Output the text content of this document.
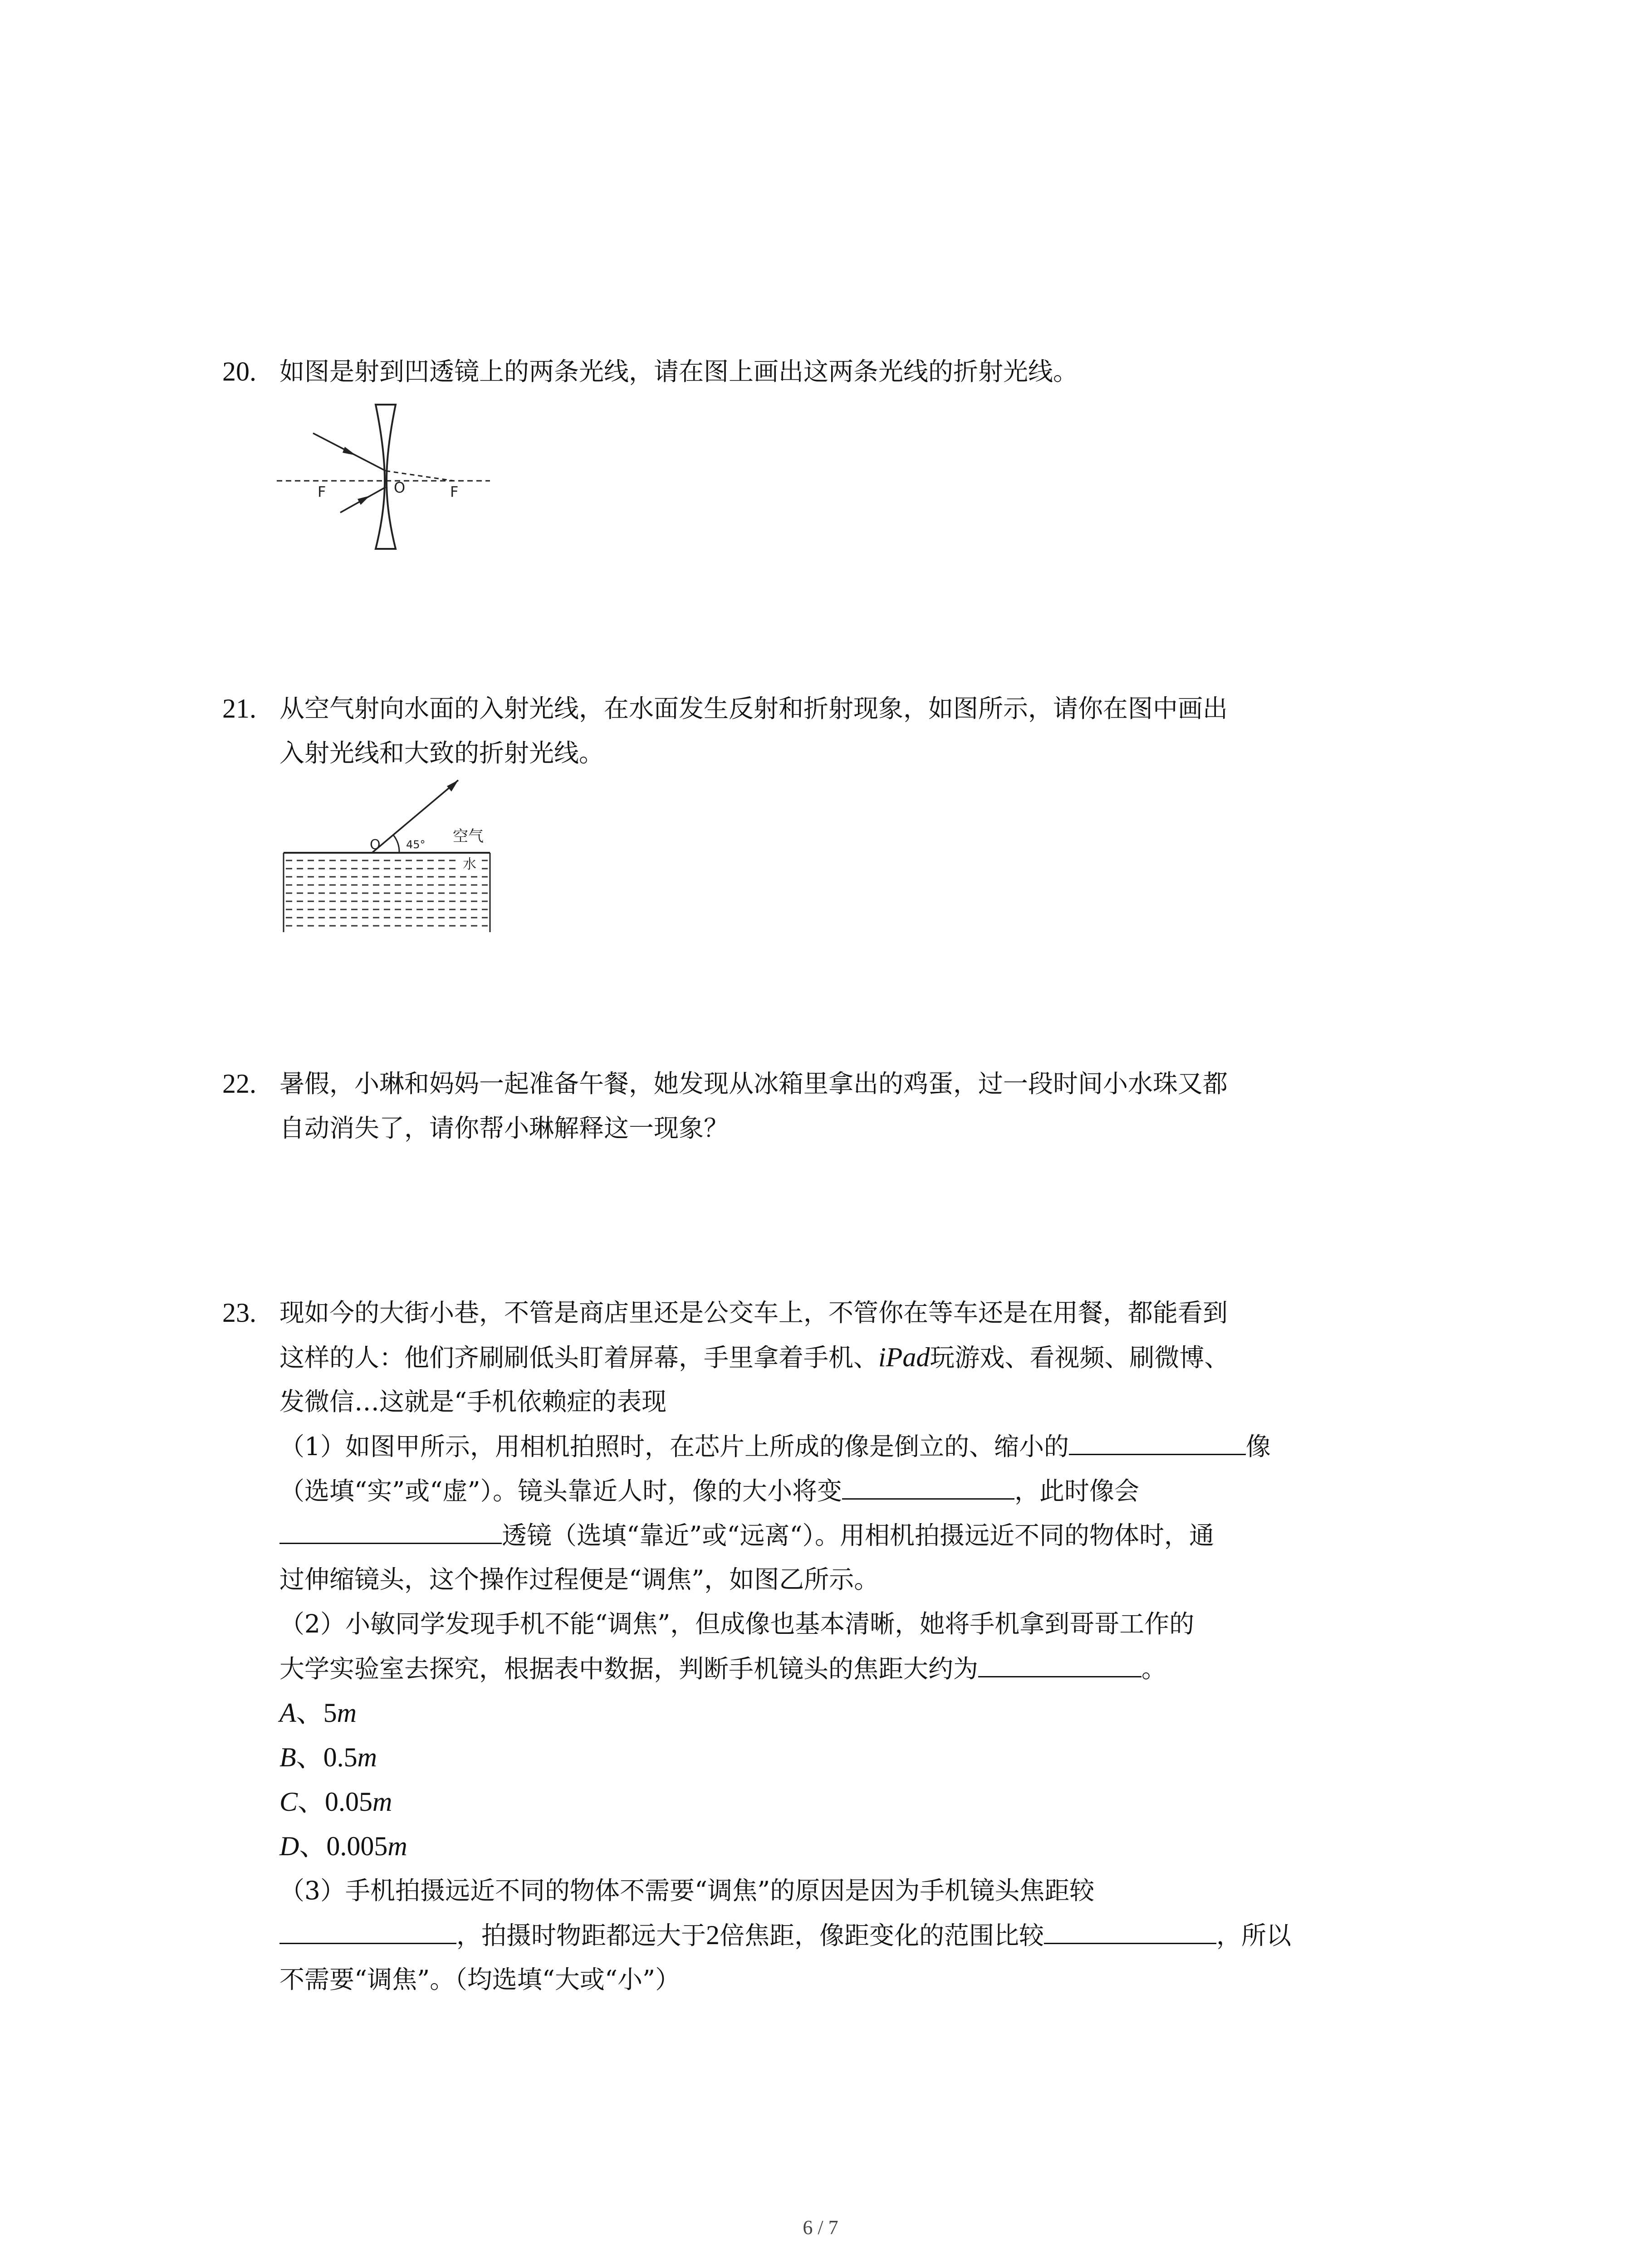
20. 如图是射到凹透镜上的两条光线，请在图上画出这两条光线的折射光线。
F	O	F
21. 从空气射向水面的入射光线，在水面发生反射和折射现象，如图所示，请你在图中画出
入射光线和大致的折射光线。
O 45° 空气
水
22. 暑假，小琳和妈妈一起准备午餐，她发现从冰箱里拿出的鸡蛋，过一段时间小水珠又都
自动消失了，请你帮小琳解释这一现象？
23. 现如今的大街小巷，不管是商店里还是公交车上，不管你在等车还是在用餐，都能看到
这样的人：他们齐刷刷低头盯着屏幕，手里拿着手机、iPad玩游戏、看视频、刷微博、
发微信…这就是“手机依赖症的表现
（1）如图甲所示，用相机拍照时，在芯片上所成的像是倒立的、缩小的	像
（选填“实”或“虚”）。镜头靠近人时，像的大小将变	，此时像会
透镜（选填“靠近”或“远离“）。用相机拍摄远近不同的物体时，通
过伸缩镜头，这个操作过程便是“调焦”，如图乙所示。
（2）小敏同学发现手机不能“调焦”，但成像也基本清晰，她将手机拿到哥哥工作的
大学实验室去探究，根据表中数据，判断手机镜头的焦距大约为	。
A、5m
B、0.5m
C、0.05m
D、0.005m
（3）手机拍摄远近不同的物体不需要“调焦”的原因是因为手机镜头焦距较
，拍摄时物距都远大于2倍焦距，像距变化的范围比较	，所以
不需要“调焦”。（均选填“大或“小”）
6 / 7
